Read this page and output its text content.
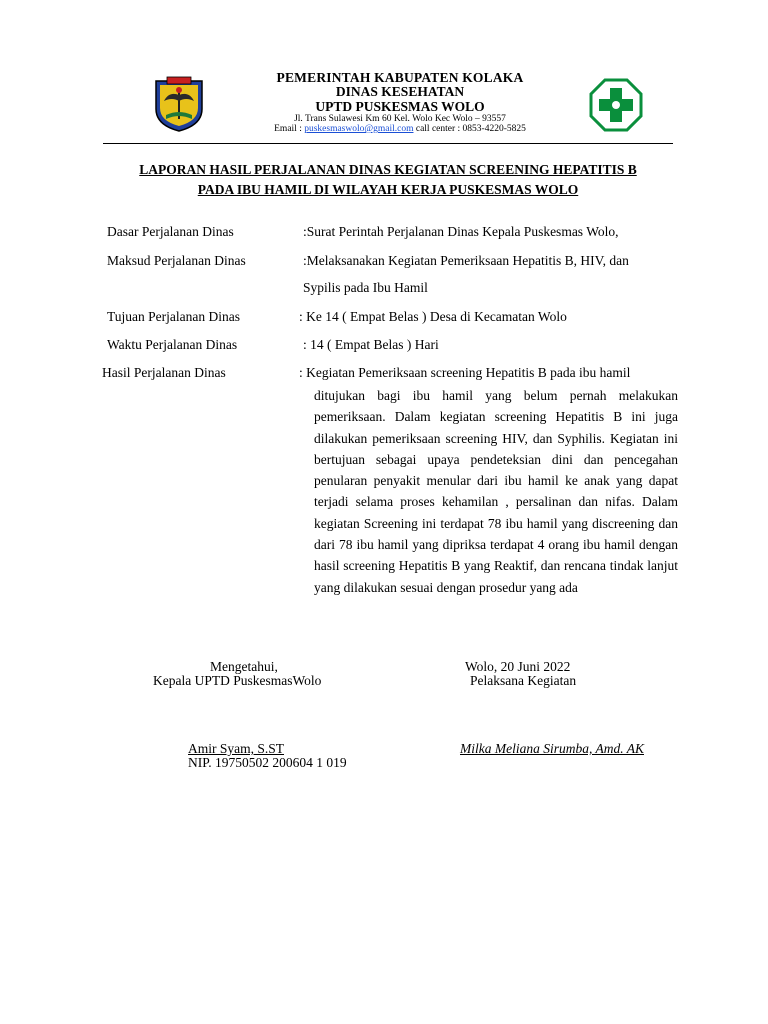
PEMERINTAH KABUPATEN KOLAKA
DINAS KESEHATAN
UPTD PUSKESMAS WOLO
Jl. Trans Sulawesi Km 60 Kel. Wolo Kec Wolo – 93557
Email : puskesmaswolo@gmail.com call center : 0853-4220-5825
LAPORAN HASIL PERJALANAN DINAS KEGIATAN SCREENING HEPATITIS B
PADA IBU HAMIL DI WILAYAH KERJA PUSKESMAS WOLO
Dasar Perjalanan Dinas	:Surat Perintah Perjalanan Dinas Kepala Puskesmas Wolo,
Maksud Perjalanan Dinas	:Melaksanakan Kegiatan Pemeriksaan Hepatitis B, HIV, dan
Sypilis pada Ibu Hamil
Tujuan Perjalanan Dinas	: Ke 14 ( Empat Belas ) Desa di Kecamatan Wolo
Waktu Perjalanan Dinas	: 14 ( Empat Belas ) Hari
Hasil Perjalanan Dinas	: Kegiatan Pemeriksaan screening Hepatitis B pada ibu hamil
ditujukan bagi ibu hamil yang belum pernah melakukan pemeriksaan. Dalam kegiatan screening Hepatitis B ini juga dilakukan pemeriksaan screening HIV, dan Syphilis. Kegiatan ini bertujuan sebagai upaya pendeteksian dini dan pencegahan penularan penyakit menular dari ibu hamil ke anak yang dapat terjadi selama proses kehamilan , persalinan dan nifas. Dalam kegiatan Screening ini terdapat 78 ibu hamil yang discreening dan dari 78 ibu hamil yang dipriksa terdapat 4 orang ibu hamil dengan hasil screening Hepatitis B yang Reaktif, dan rencana tindak lanjut yang dilakukan sesuai dengan prosedur yang ada
Mengetahui,
Kepala UPTD PuskesmasWolo
Amir Syam, S.ST
NIP. 19750502 200604 1 019
Wolo, 20 Juni 2022
Pelaksana Kegiatan
Milka Meliana Sirumba, Amd. AK
